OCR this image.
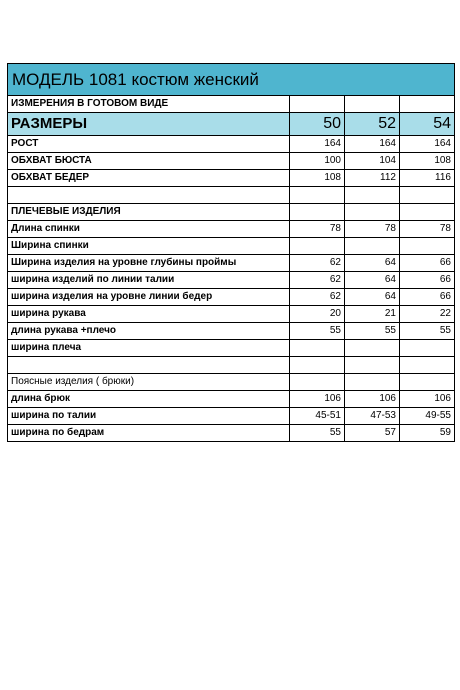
МОДЕЛЬ 1081 костюм женский			
ИЗМЕРЕНИЯ В ГОТОВОМ ВИДЕ			
РАЗМЕРЫ	50	52	54
РОСТ	164	164	164
ОБХВАТ БЮСТА	100	104	108
ОБХВАТ БЕДЕР	108	112	116

ПЛЕЧЕВЫЕ ИЗДЕЛИЯ			
Длина спинки	78	78	78
Ширина спинки			
Ширина изделия на уровне глубины проймы	62	64	66
ширина изделий по линии талии	62	64	66
ширина изделия на уровне линии бедер	62	64	66
ширина рукава	20	21	22
длина рукава +плечо	55	55	55
ширина плеча			

Поясные изделия ( брюки)			
длина брюк	106	106	106
ширина по талии	45-51	47-53	49-55
ширина по бедрам	55	57	59
